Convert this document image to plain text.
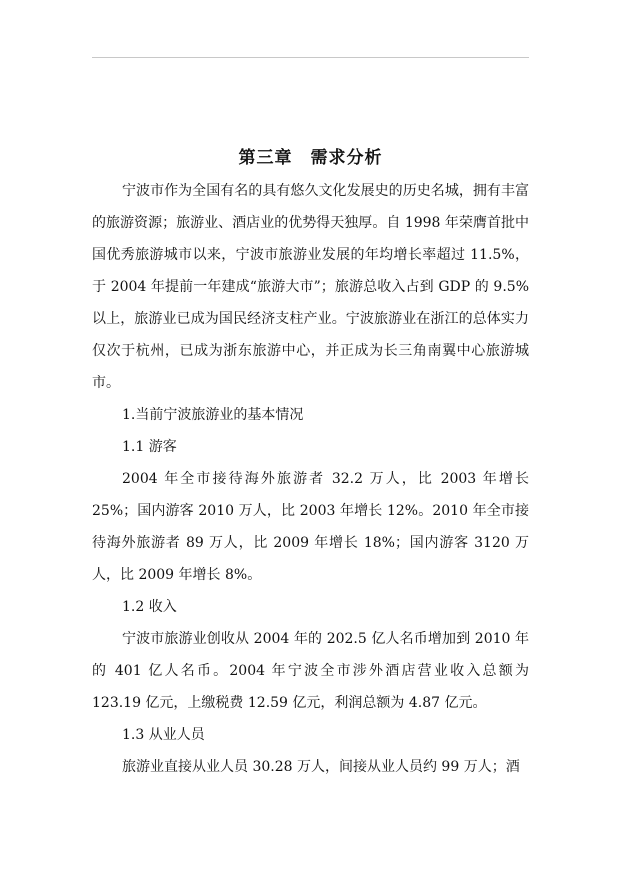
第三章　需求分析

宁波市作为全国有名的具有悠久文化发展史的历史名城，拥有丰富的旅游资源；旅游业、酒店业的优势得天独厚。自 1998 年荣膺首批中国优秀旅游城市以来，宁波市旅游业发展的年均增长率超过 11.5%，于 2004 年提前一年建成“旅游大市”；旅游总收入占到 GDP 的 9.5%以上，旅游业已成为国民经济支柱产业。宁波旅游业在浙江的总体实力仅次于杭州，已成为浙东旅游中心，并正成为长三角南翼中心旅游城市。

1.当前宁波旅游业的基本情况

1.1 游客

2004 年全市接待海外旅游者 32.2 万人，比 2003 年增长 25%；国内游客 2010 万人，比 2003 年增长 12%。2010 年全市接待海外旅游者 89 万人，比 2009 年增长 18%；国内游客 3120 万人，比 2009 年增长 8%。

1.2 收入

宁波市旅游业创收从 2004 年的 202.5 亿人名币增加到 2010 年的 401 亿人名币。2004 年宁波全市涉外酒店营业收入总额为 123.19 亿元，上缴税费 12.59 亿元，利润总额为 4.87 亿元。

1.3 从业人员

旅游业直接从业人员 30.28 万人，间接从业人员约 99 万人；酒
